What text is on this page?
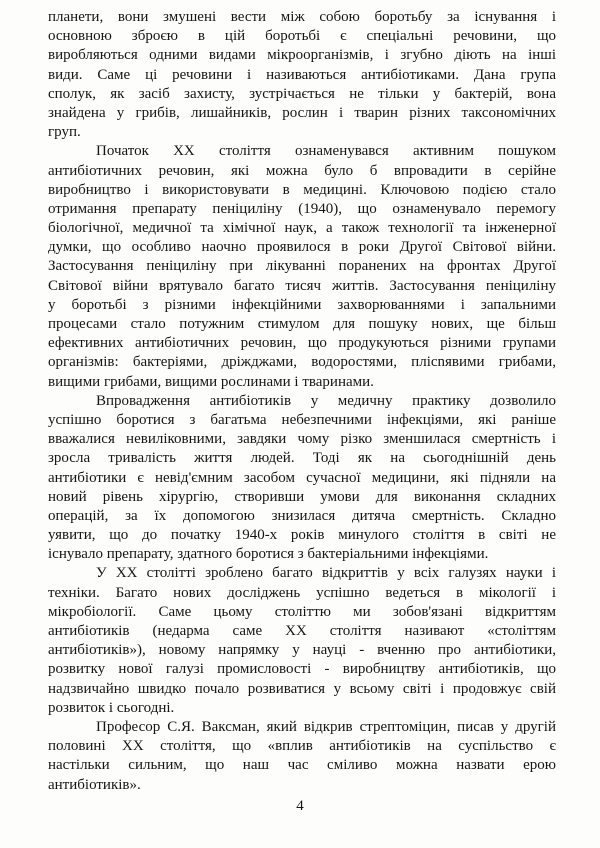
планети, вони змушені вести між собою боротьбу за існування і
основною зброєю в цій боротьбі є спеціальні речовини, що
виробляються одними видами мікроорганізмів, і згубно діють на інші
види. Саме ці речовини і називаються антибіотиками. Дана група
сполук, як засіб захисту, зустрічається не тільки у бактерій, вона
знайдена у грибів, лишайників, рослин і тварин різних таксономічних
груп.
Початок ХХ століття ознаменувався активним пошуком
антибіотичних речовин, які можна було б впровадити в серійне
виробництво і використовувати в медицині. Ключовою подією стало
отримання препарату пеніциліну (1940), що ознаменувало перемогу
біологічної, медичної та хімічної наук, а також технології та інженерної
думки, що особливо наочно проявилося в роки Другої Світової війни.
Застосування пеніциліну при лікуванні поранених на фронтах Другої
Світової війни врятувало багато тисяч життів. Застосування пеніциліну
у боротьбі з різними інфекційними захворюваннями і запальними
процесами стало потужним стимулом для пошуку нових, ще більш
ефективних антибіотичних речовин, що продукуються різними групами
організмів: бактеріями, дріжджами, водоростями, плісnявими грибами,
вищими грибами, вищими рослинами і тваринами.
Впровадження антибіотиків у медичну практику дозволило
успішно боротися з багатьма небезпечними інфекціями, які раніше
вважалися невиліковними, завдяки чому різко зменшилася смертність і
зросла тривалість життя людей. Тоді як на сьогоднішній день
антибіотики є невід'ємним засобом сучасної медицини, які підняли на
новий рівень хірургію, створивши умови для виконання складних
операцій, за їх допомогою знизилася дитяча смертність. Складно
уявити, що до початку 1940-х років минулого століття в світі не
існувало препарату, здатного боротися з бактеріальними інфекціями.
У ХХ столітті зроблено багато відкриттів у всіх галузях науки і
техніки. Багато нових досліджень успішно ведеться в мікології і
мікробіології. Саме цьому століттю ми зобов'язані відкриттям
антибіотиків (недарма саме ХХ століття називают «століттям
антибіотиків»), новому напрямку у науці - вченню про антибіотики,
розвитку нової галузі промисловості - виробництву антибіотиків, що
надзвичайно швидко почало розвиватися у всьому світі і продовжує свій
розвиток і сьогодні.
Професор С.Я. Ваксман, який відкрив стрептоміцин, писав у другій
половині ХХ століття, що «вплив антибіотиків на суспільство є
настільки сильним, що наш час сміливо можна назвати ерою
антибіотиків».
4
